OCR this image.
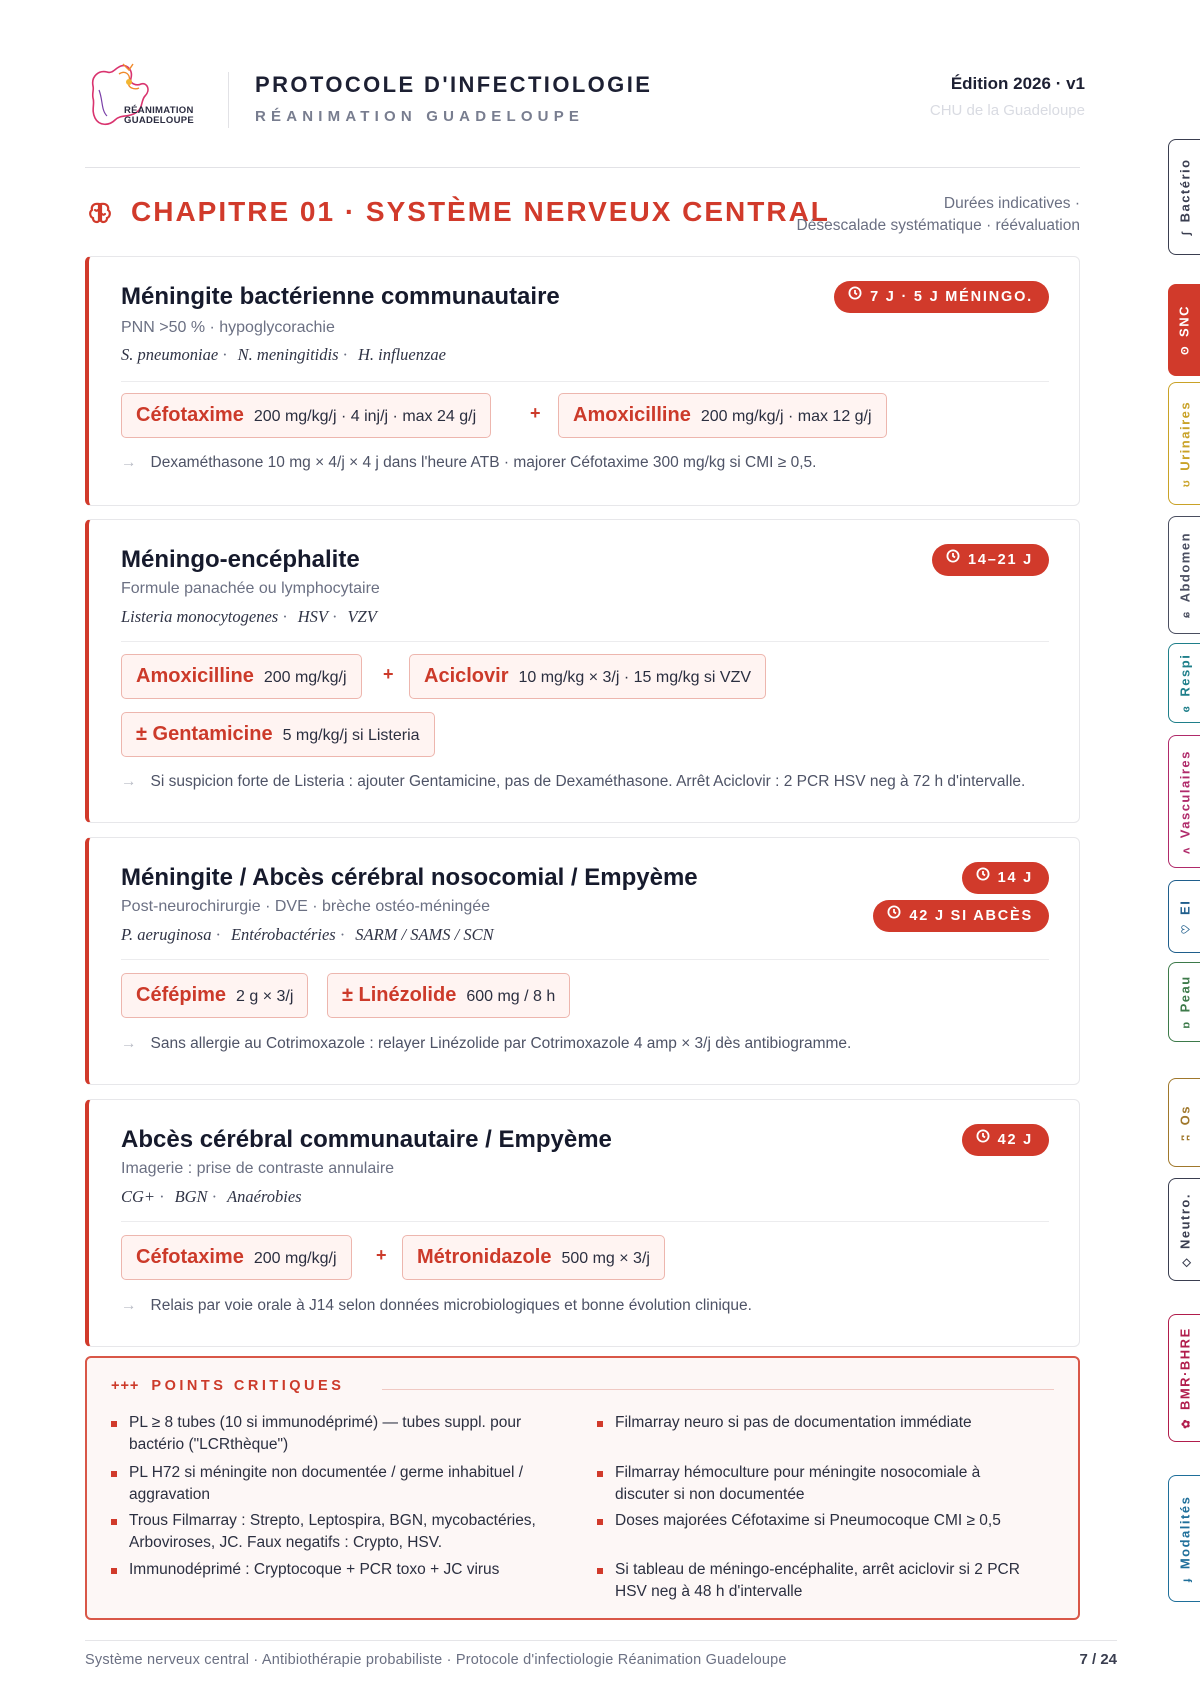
RÉANIMATION
GUADELOUPE
PROTOCOLE D'INFECTIOLOGIE
RÉANIMATION GUADELOUPE
Édition 2026 · v1
CHU de la Guadeloupe
CHAPITRE 01 · SYSTÈME NERVEUX CENTRAL	Durées indicatives ·
Désescalade systématique · réévaluation
Méningite bactérienne communautaire	7 J · 5 J MÉNINGO.
PNN >50 % · hypoglycorachie
S. pneumoniae · N. meningitidis · H. influenzae
Céfotaxime 200 mg/kg/j · 4 inj/j · max 24 g/j	+	Amoxicilline 200 mg/kg/j · max 12 g/j
→ Dexaméthasone 10 mg × 4/j × 4 j dans l'heure ATB · majorer Céfotaxime 300 mg/kg si CMI ≥ 0,5.
Méningo-encéphalite	14–21 J
Formule panachée ou lymphocytaire
Listeria monocytogenes · HSV · VZV
Amoxicilline 200 mg/kg/j	+	Aciclovir 10 mg/kg × 3/j · 15 mg/kg si VZV
± Gentamicine 5 mg/kg/j si Listeria
→ Si suspicion forte de Listeria : ajouter Gentamicine, pas de Dexaméthasone. Arrêt Aciclovir : 2 PCR HSV neg à 72 h d'intervalle.
Méningite / Abcès cérébral nosocomial / Empyème	14 J
42 J SI ABCÈS
Post-neurochirurgie · DVE · brèche ostéo-méningée
P. aeruginosa · Entérobactéries · SARM / SAMS / SCN
Céfépime 2 g × 3/j	± Linézolide 600 mg / 8 h
→ Sans allergie au Cotrimoxazole : relayer Linézolide par Cotrimoxazole 4 amp × 3/j dès antibiogramme.
Abcès cérébral communautaire / Empyème	42 J
Imagerie : prise de contraste annulaire
CG+ · BGN · Anaérobies
Céfotaxime 200 mg/kg/j	+	Métronidazole 500 mg × 3/j
→ Relais par voie orale à J14 selon données microbiologiques et bonne évolution clinique.
+++ POINTS CRITIQUES
PL ≥ 8 tubes (10 si immunodéprimé) — tubes suppl. pour bactério ("LCRthèque")
PL H72 si méningite non documentée / germe inhabituel / aggravation
Trous Filmarray : Strepto, Leptospira, BGN, mycobactéries, Arboviroses, JC. Faux negatifs : Crypto, HSV.
Immunodéprimé : Cryptocoque + PCR toxo + JC virus
Filmarray neuro si pas de documentation immédiate
Filmarray hémoculture pour méningite nosocomiale à discuter si non documentée
Doses majorées Céfotaxime si Pneumocoque CMI ≥ 0,5
Si tableau de méningo-encéphalite, arrêt aciclovir si 2 PCR HSV neg à 48 h d'intervalle
Système nerveux central · Antibiothérapie probabiliste · Protocole d'infectiologie Réanimation Guadeloupe	7 / 24
ʃBactério
ʘSNC
ʊUrinaires
ɕAbdomen
ɞRespi
ʌVasculaires
♡EI
ɒPeau
ʭOs
◇Neutro.
✿BMR·BHRE
ɟModalités
